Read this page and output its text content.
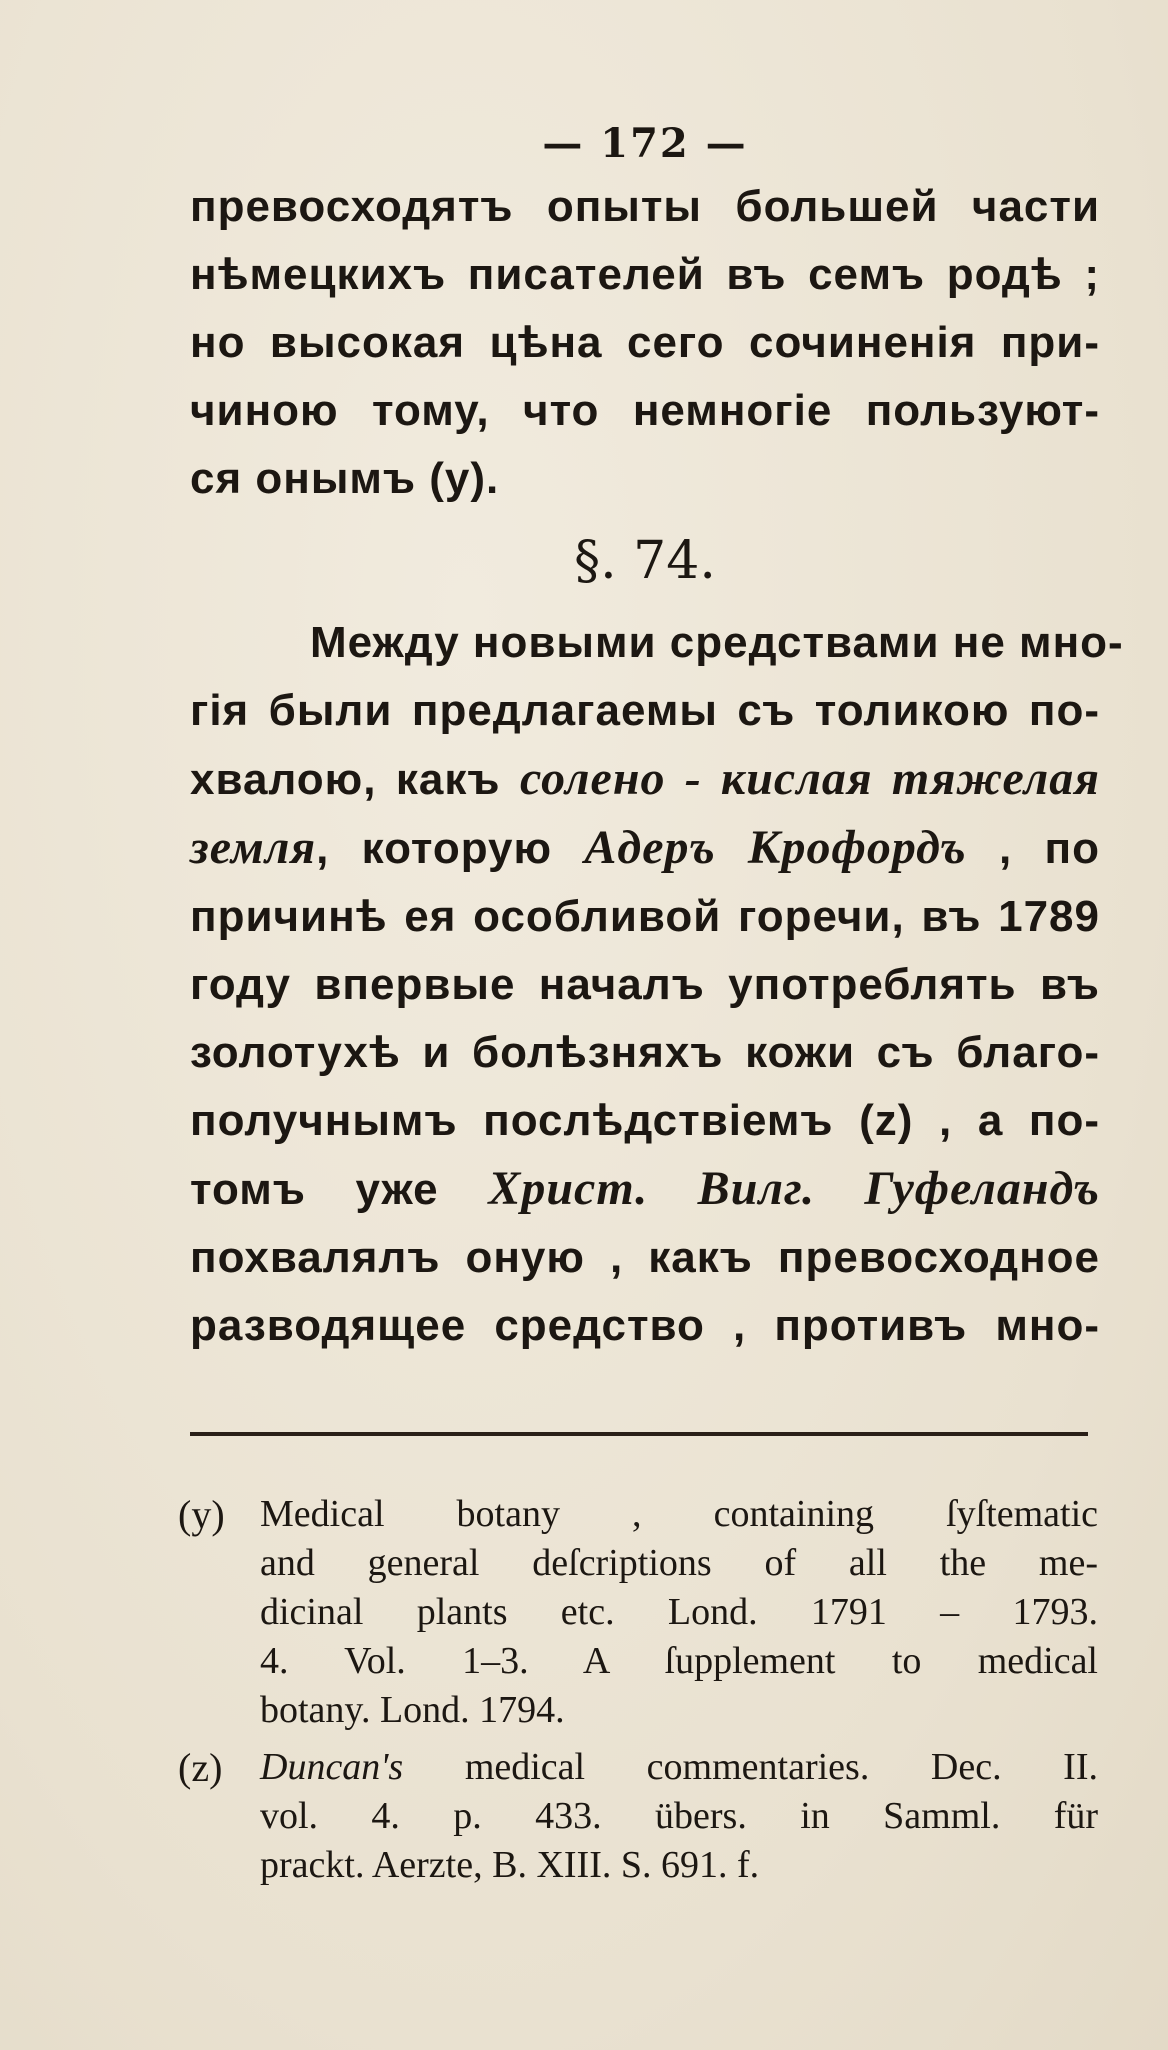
— 172 —
превосходятъ опыты большей части
нѣмецкихъ писателей въ семъ родѣ ;
но высокая цѣна сего сочиненія при-
чиною тому, что немногіе пользуют-
ся онымъ (у).
§. 74.
Между новыми средствами не мно-
гія были предлагаемы съ толикою по-
хвалою, какъ солено - кислая тяжелая
земля, которую Адеръ Крофордъ , по
причинѣ ея особливой горечи, въ 1789
году впервые началъ употреблять въ
золотухѣ и болѣзняхъ кожи съ благо-
получнымъ послѣдствіемъ (z) , а по-
томъ уже Христ. Вилг. Гуфеландъ
похвалялъ оную , какъ превосходное
разводящее средство , противъ мно-
(y) Medical botany , containing ſyſtematic
and general deſcriptions of all the me-
dicinal plants etc. Lond. 1791 – 1793.
4. Vol. 1–3. A ſupplement to medical
botany. Lond. 1794.
(z) Duncan's medical commentaries. Dec. II.
vol. 4. p. 433. übers. in Samml. für
prackt. Aerzte, B. XIII. S. 691. f.
